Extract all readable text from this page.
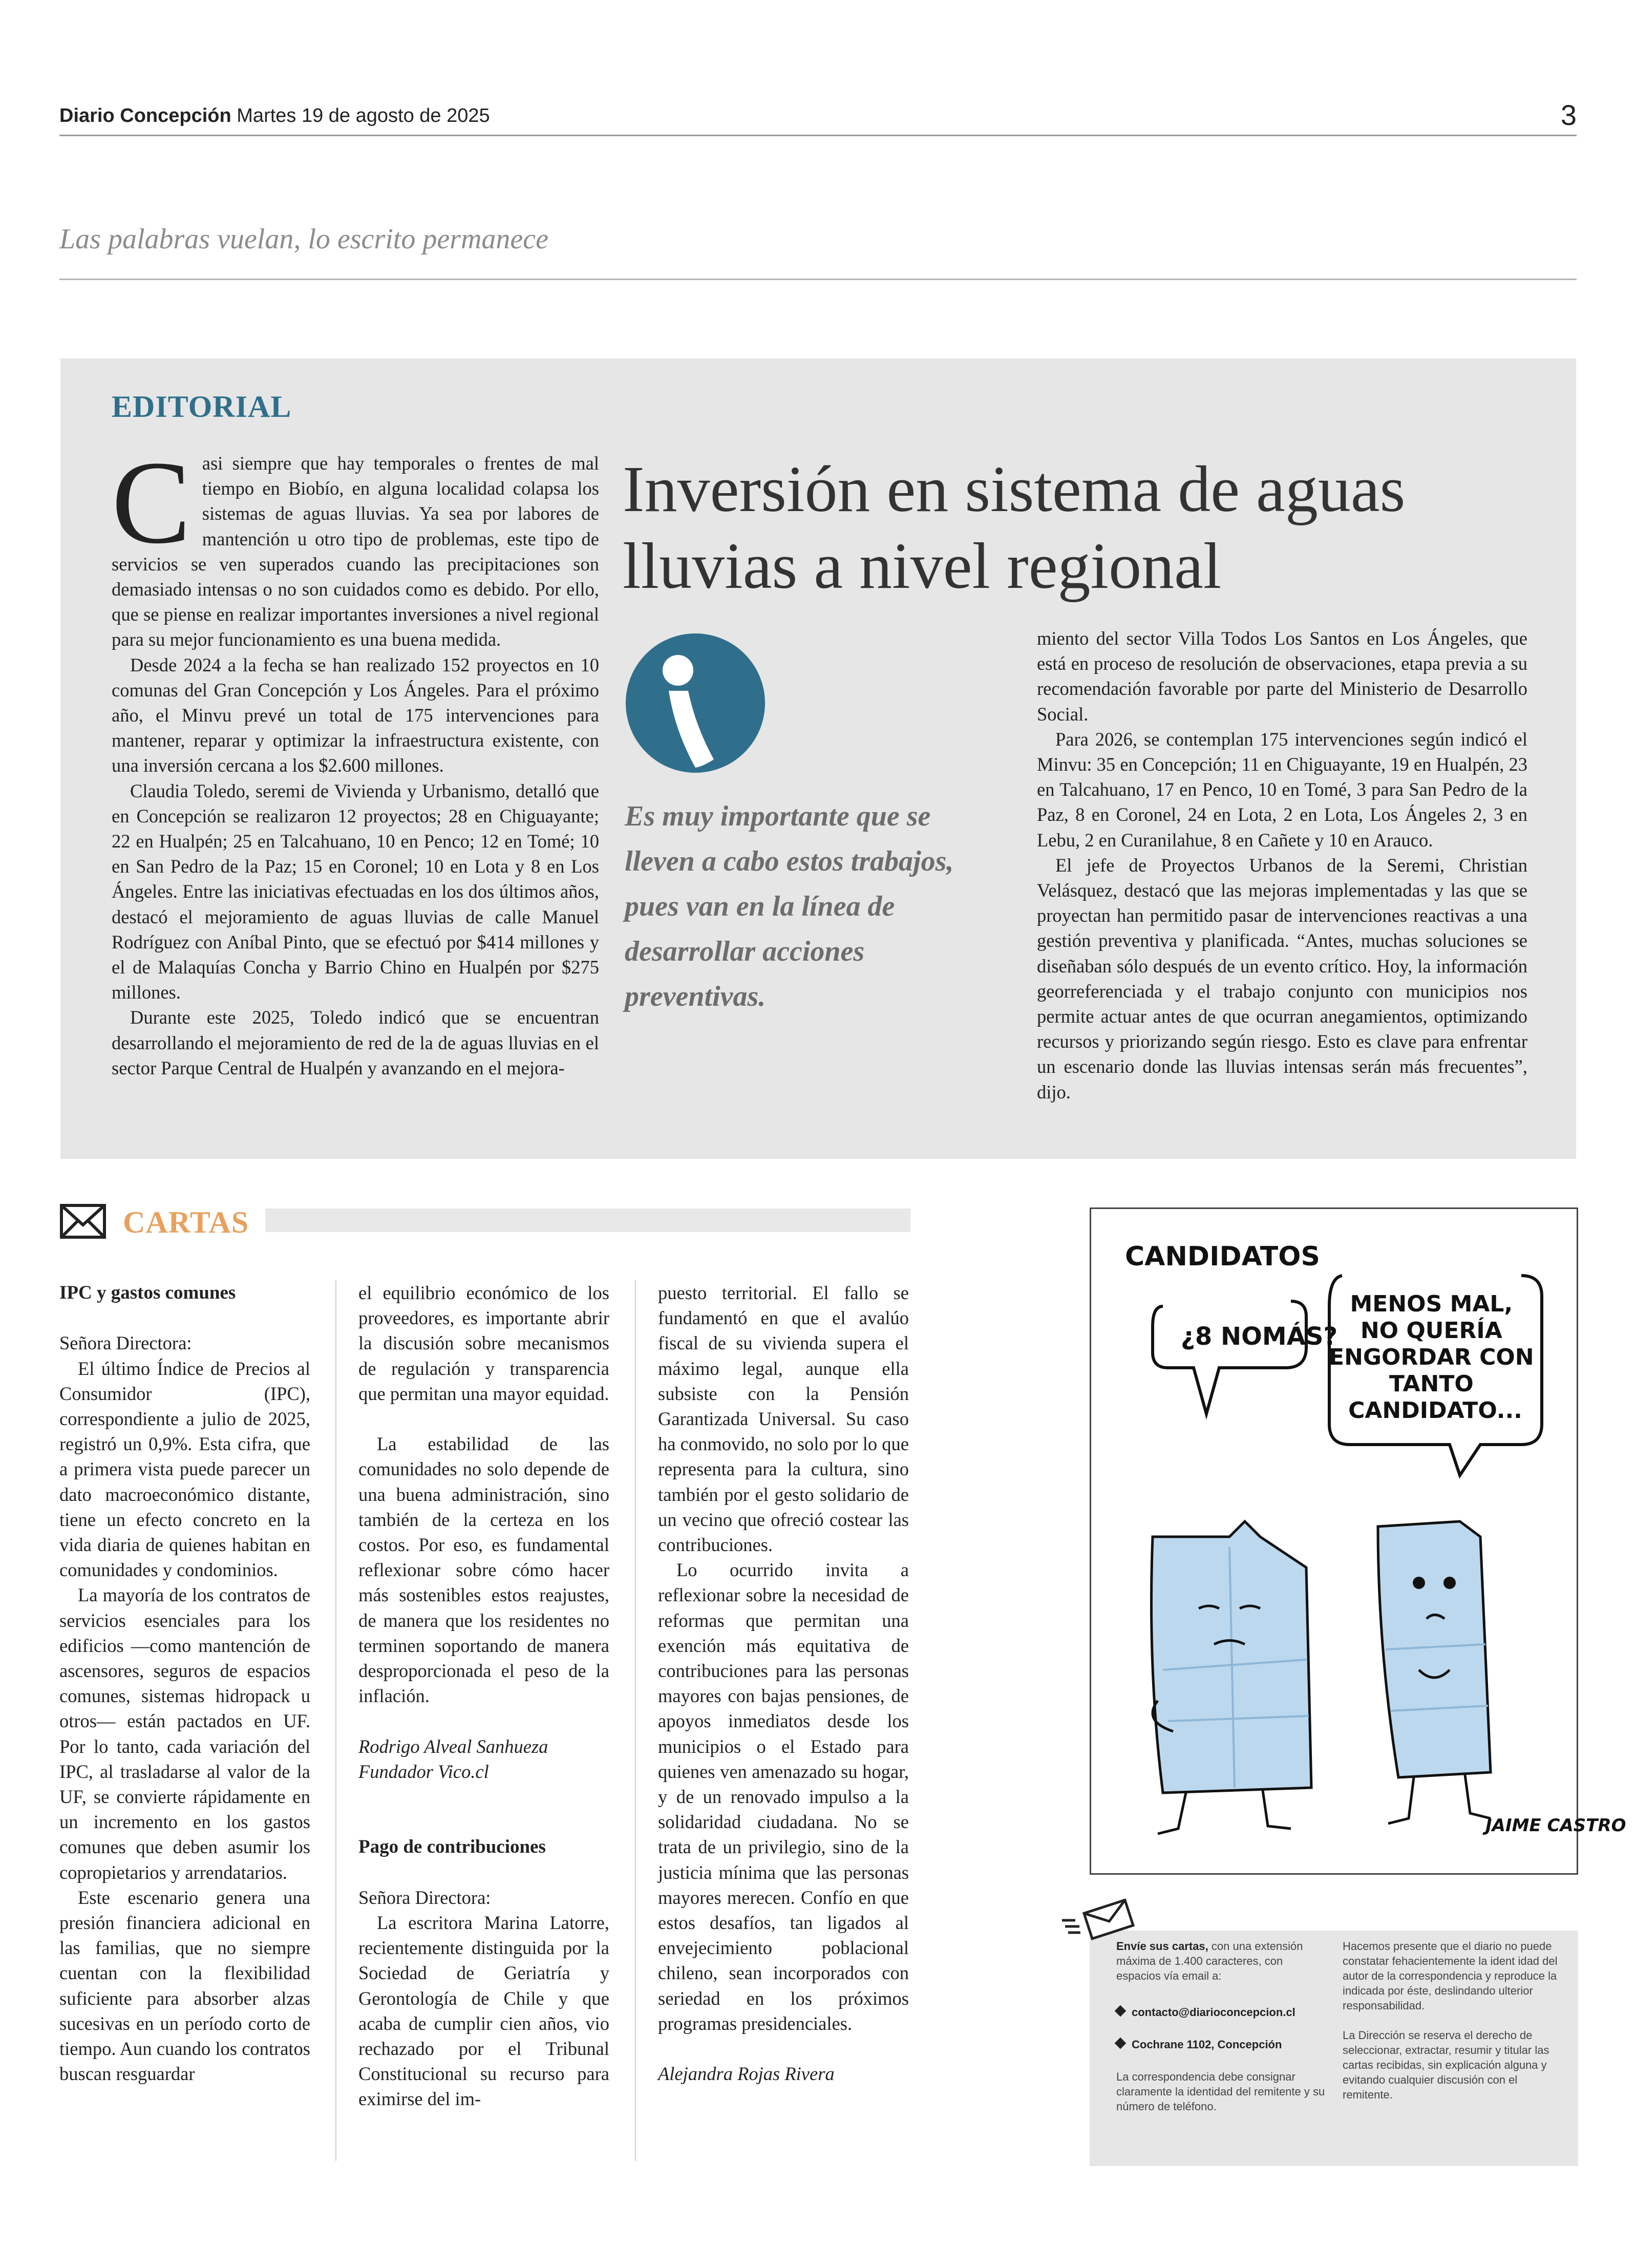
Diario Concepción Martes 19 de agosto de 2025	3
Las palabras vuelan, lo escrito permanece
EDITORIAL

Casi siempre que hay temporales o frentes de mal tiempo en Biobío, en alguna localidad colapsa los sistemas de aguas lluvias. Ya sea por labores de mantención u otro tipo de problemas, este tipo de servicios se ven superados cuando las precipitaciones son demasiado intensas o no son cuidados como es debido. Por ello, que se piense en realizar importantes inversiones a nivel regional para su mejor funcionamiento es una buena medida.

Desde 2024 a la fecha se han realizado 152 proyectos en 10 comunas del Gran Concepción y Los Ángeles. Para el próximo año, el Minvu prevé un total de 175 intervenciones para mantener, reparar y optimizar la infraestructura existente, con una inversión cercana a los $2.600 millones.

Claudia Toledo, seremi de Vivienda y Urbanismo, detalló que en Concepción se realizaron 12 proyectos; 28 en Chiguayante; 22 en Hualpén; 25 en Talcahuano, 10 en Penco; 12 en Tomé; 10 en San Pedro de la Paz; 15 en Coronel; 10 en Lota y 8 en Los Ángeles. Entre las iniciativas efectuadas en los dos últimos años, destacó el mejoramiento de aguas lluvias de calle Manuel Rodríguez con Aníbal Pinto, que se efectuó por $414 millones y el de Malaquías Concha y Barrio Chino en Hualpén por $275 millones.

Durante este 2025, Toledo indicó que se encuentran desarrollando el mejoramiento de red de la de aguas lluvias en el sector Parque Central de Hualpén y avanzando en el mejora-

Inversión en sistema de aguas lluvias a nivel regional
Es muy importante que se lleven a cabo estos trabajos, pues van en la línea de desarrollar acciones preventivas.

miento del sector Villa Todos Los Santos en Los Ángeles, que está en proceso de resolución de observaciones, etapa previa a su recomendación favorable por parte del Ministerio de Desarrollo Social.

Para 2026, se contemplan 175 intervenciones según indicó el Minvu: 35 en Concepción; 11 en Chiguayante, 19 en Hualpén, 23 en Talcahuano, 17 en Penco, 10 en Tomé, 3 para San Pedro de la Paz, 8 en Coronel, 24 en Lota, 2 en Lota, Los Ángeles 2, 3 en Lebu, 2 en Curanilahue, 8 en Cañete y 10 en Arauco.

El jefe de Proyectos Urbanos de la Seremi, Christian Velásquez, destacó que las mejoras implementadas y las que se proyectan han permitido pasar de intervenciones reactivas a una gestión preventiva y planificada. “Antes, muchas soluciones se diseñaban sólo después de un evento crítico. Hoy, la información georreferenciada y el trabajo conjunto con municipios nos permite actuar antes de que ocurran anegamientos, optimizando recursos y priorizando según riesgo. Esto es clave para enfrentar un escenario donde las lluvias intensas serán más frecuentes”, dijo.

CARTAS
IPC y gastos comunes

Señora Directora:

El último Índice de Precios al Consumidor (IPC), correspondiente a julio de 2025, registró un 0,9%. Esta cifra, que a primera vista puede parecer un dato macroeconómico distante, tiene un efecto concreto en la vida diaria de quienes habitan en comunidades y condominios.

La mayoría de los contratos de servicios esenciales para los edificios —como mantención de ascensores, seguros de espacios comunes, sistemas hidropack u otros— están pactados en UF. Por lo tanto, cada variación del IPC, al trasladarse al valor de la UF, se convierte rápidamente en un incremento en los gastos comunes que deben asumir los copropietarios y arrendatarios.

Este escenario genera una presión financiera adicional en las familias, que no siempre cuentan con la flexibilidad suficiente para absorber alzas sucesivas en un período corto de tiempo. Aun cuando los contratos buscan resguardar

el equilibrio económico de los proveedores, es importante abrir la discusión sobre mecanismos de regulación y transparencia que permitan una mayor equidad.

La estabilidad de las comunidades no solo depende de una buena administración, sino también de la certeza en los costos. Por eso, es fundamental reflexionar sobre cómo hacer más sostenibles estos reajustes, de manera que los residentes no terminen soportando de manera desproporcionada el peso de la inflación.

Rodrigo Alveal Sanhueza

Fundador Vico.cl

Pago de contribuciones

Señora Directora:

La escritora Marina Latorre, recientemente distinguida por la Sociedad de Geriatría y Gerontología de Chile y que acaba de cumplir cien años, vio rechazado por el Tribunal Constitucional su recurso para eximirse del im-

puesto territorial. El fallo se fundamentó en que el avalúo fiscal de su vivienda supera el máximo legal, aunque ella subsiste con la Pensión Garantizada Universal. Su caso ha conmovido, no solo por lo que representa para la cultura, sino también por el gesto solidario de un vecino que ofreció costear las contribuciones.

Lo ocurrido invita a reflexionar sobre la necesidad de reformas que permitan una exención más equitativa de contribuciones para las personas mayores con bajas pensiones, de apoyos inmediatos desde los municipios o el Estado para quienes ven amenazado su hogar, y de un renovado impulso a la solidaridad ciudadana. No se trata de un privilegio, sino de la justicia mínima que las personas mayores merecen. Confío en que estos desafíos, tan ligados al envejecimiento poblacional chileno, sean incorporados con seriedad en los próximos programas presidenciales.

Alejandra Rojas Rivera

CANDIDATOS
¿8 NOMÁS?
MENOS MAL, NO QUERÍA ENGORDAR CON TANTO CANDIDATO...
JAIME CASTRO
Envíe sus cartas, con una extensión máxima de 1.400 caracteres, con espacios vía email a:
contacto@diarioconcepcion.cl
Cochrane 1102, Concepción
La correspondencia debe consignar claramente la identidad del remitente y su número de teléfono.
Hacemos presente que el diario no puede constatar fehacientemente la ident idad del autor de la correspondencia y reproduce la indicada por éste, deslindando ulterior responsabilidad.
La Dirección se reserva el derecho de seleccionar, extractar, resumir y titular las cartas recibidas, sin explicación alguna y evitando cualquier discusión con el remitente.
